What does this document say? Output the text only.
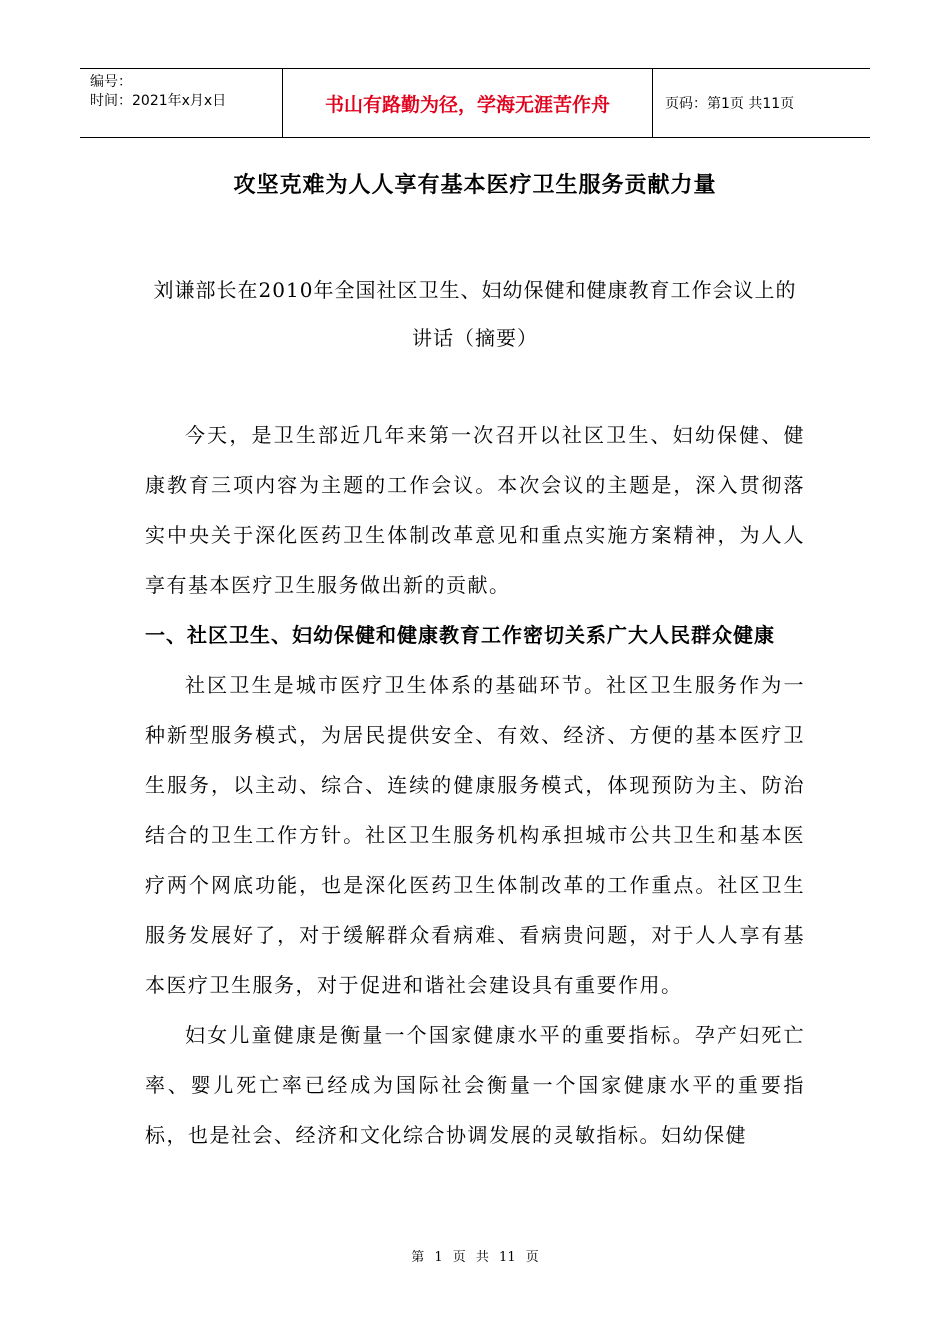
编号：
时间：2021年x月x日	书山有路勤为径，学海无涯苦作舟	页码：第1页 共11页
攻坚克难为人人享有基本医疗卫生服务贡献力量
刘谦部长在2010年全国社区卫生、妇幼保健和健康教育工作会议上的讲话（摘要）

今天，是卫生部近几年来第一次召开以社区卫生、妇幼保健、健康教育三项内容为主题的工作会议。本次会议的主题是，深入贯彻落实中央关于深化医药卫生体制改革意见和重点实施方案精神，为人人享有基本医疗卫生服务做出新的贡献。

一、社区卫生、妇幼保健和健康教育工作密切关系广大人民群众健康

社区卫生是城市医疗卫生体系的基础环节。社区卫生服务作为一种新型服务模式，为居民提供安全、有效、经济、方便的基本医疗卫生服务，以主动、综合、连续的健康服务模式，体现预防为主、防治结合的卫生工作方针。社区卫生服务机构承担城市公共卫生和基本医疗两个网底功能，也是深化医药卫生体制改革的工作重点。社区卫生服务发展好了，对于缓解群众看病难、看病贵问题，对于人人享有基本医疗卫生服务，对于促进和谐社会建设具有重要作用。

妇女儿童健康是衡量一个国家健康水平的重要指标。孕产妇死亡率、婴儿死亡率已经成为国际社会衡量一个国家健康水平的重要指标，也是社会、经济和文化综合协调发展的灵敏指标。妇幼保健

第 1 页 共 11 页
